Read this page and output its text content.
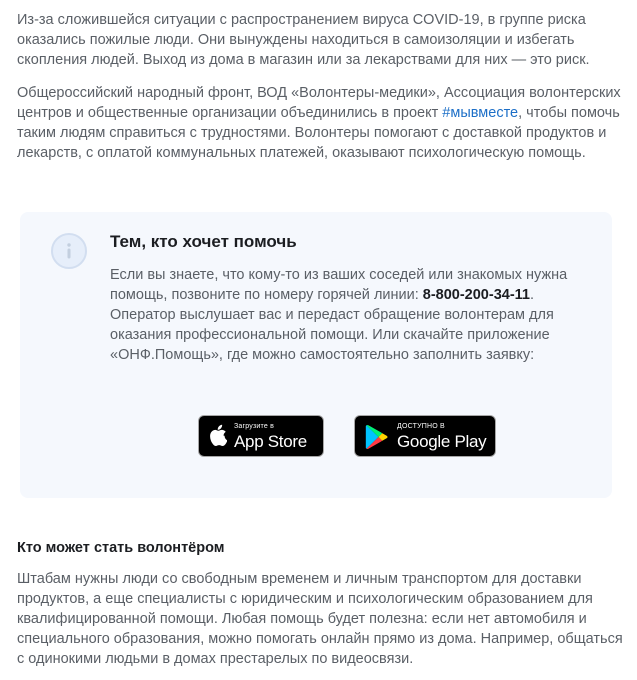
Из-за сложившейся ситуации с распространением вируса COVID-19, в группе риска оказались пожилые люди. Они вынуждены находиться в самоизоляции и избегать скопления людей. Выход из дома в магазин или за лекарствами для них — это риск.

Общероссийский народный фронт, ВОД «Волонтеры-медики», Ассоциация волонтерских центров и общественные организации объединились в проект #мывместе, чтобы помочь таким людям справиться с трудностями. Волонтеры помогают с доставкой продуктов и лекарств, с оплатой коммунальных платежей, оказывают психологическую помощь.

Тем, кто хочет помочь

Если вы знаете, что кому-то из ваших соседей или знакомых нужна помощь, позвоните по номеру горячей линии: 8-800-200-34-11. Оператор выслушает вас и передаст обращение волонтерам для оказания профессиональной помощи. Или скачайте приложение «ОНФ.Помощь», где можно самостоятельно заполнить заявку:

Загрузите в
App Store
ДОСТУПНО В
Google Play
Кто может стать волонтёром

Штабам нужны люди со свободным временем и личным транспортом для доставки продуктов, а еще специалисты с юридическим и психологическим образованием для квалифицированной помощи. Любая помощь будет полезна: если нет автомобиля и специального образования, можно помогать онлайн прямо из дома. Например, общаться с одинокими людьми в домах престарелых по видеосвязи.
